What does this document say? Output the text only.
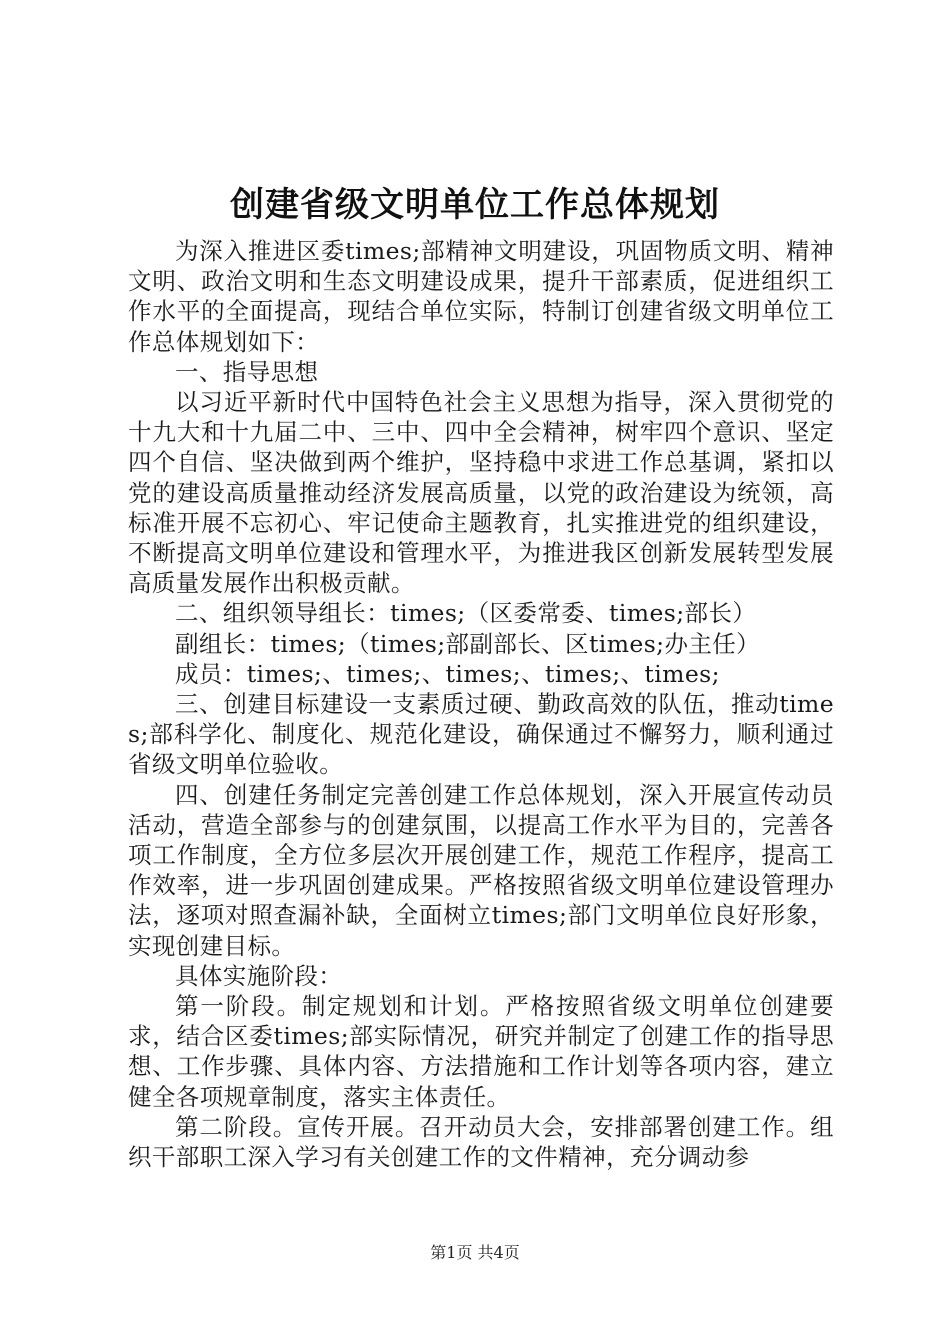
创建省级文明单位工作总体规划

为深入推进区委times;部精神文明建设，巩固物质文明、精神文明、政治文明和生态文明建设成果，提升干部素质，促进组织工作水平的全面提高，现结合单位实际，特制订创建省级文明单位工作总体规划如下：

一、指导思想

以习近平新时代中国特色社会主义思想为指导，深入贯彻党的十九大和十九届二中、三中、四中全会精神，树牢四个意识、坚定四个自信、坚决做到两个维护，坚持稳中求进工作总基调，紧扣以党的建设高质量推动经济发展高质量，以党的政治建设为统领，高标准开展不忘初心、牢记使命主题教育，扎实推进党的组织建设，不断提高文明单位建设和管理水平，为推进我区创新发展转型发展高质量发展作出积极贡献。

二、组织领导组长：times;（区委常委、times;部长）

副组长：times;（times;部副部长、区times;办主任）

成员：times;、times;、times;、times;、times;

三、创建目标建设一支素质过硬、勤政高效的队伍，推动times;部科学化、制度化、规范化建设，确保通过不懈努力，顺利通过省级文明单位验收。

四、创建任务制定完善创建工作总体规划，深入开展宣传动员活动，营造全部参与的创建氛围，以提高工作水平为目的，完善各项工作制度，全方位多层次开展创建工作，规范工作程序，提高工作效率，进一步巩固创建成果。严格按照省级文明单位建设管理办法，逐项对照查漏补缺，全面树立times;部门文明单位良好形象，实现创建目标。

具体实施阶段：

第一阶段。制定规划和计划。严格按照省级文明单位创建要求，结合区委times;部实际情况，研究并制定了创建工作的指导思想、工作步骤、具体内容、方法措施和工作计划等各项内容，建立健全各项规章制度，落实主体责任。

第二阶段。宣传开展。召开动员大会，安排部署创建工作。组织干部职工深入学习有关创建工作的文件精神，充分调动参

第1页 共4页
